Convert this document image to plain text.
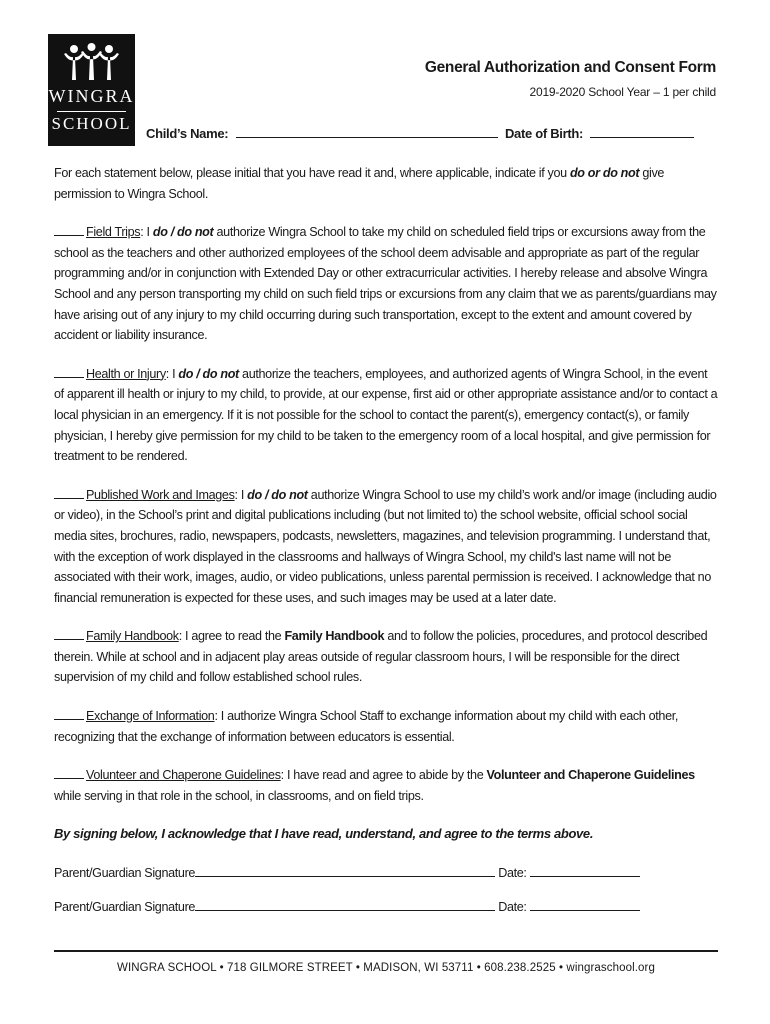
WINGRA
SCHOOL
General Authorization and Consent Form
2019-2020 School Year – 1 per child
Child’s Name:	Date of Birth:

For each statement below, please initial that you have read it and, where applicable, indicate if you do or do not give permission to Wingra School.

Field Trips: I do / do not authorize Wingra School to take my child on scheduled field trips or excursions away from the school as the teachers and other authorized employees of the school deem advisable and appropriate as part of the regular programming and/or in conjunction with Extended Day or other extracurricular activities. I hereby release and absolve Wingra School and any person transporting my child on such field trips or excursions from any claim that we as parents/guardians may have arising out of any injury to my child occurring during such transportation, except to the extent and amount covered by accident or liability insurance.

Health or Injury: I do / do not authorize the teachers, employees, and authorized agents of Wingra School, in the event of apparent ill health or injury to my child, to provide, at our expense, first aid or other appropriate assistance and/or to contact a local physician in an emergency. If it is not possible for the school to contact the parent(s), emergency contact(s), or family physician, I hereby give permission for my child to be taken to the emergency room of a local hospital, and give permission for treatment to be rendered.

Published Work and Images: I do / do not authorize Wingra School to use my child’s work and/or image (including audio or video), in the School’s print and digital publications including (but not limited to) the school website, official school social media sites, brochures, radio, newspapers, podcasts, newsletters, magazines, and television programming. I understand that, with the exception of work displayed in the classrooms and hallways of Wingra School, my child's last name will not be associated with their work, images, audio, or video publications, unless parental permission is received. I acknowledge that no financial remuneration is expected for these uses, and such images may be used at a later date.

Family Handbook: I agree to read the Family Handbook and to follow the policies, procedures, and protocol described therein. While at school and in adjacent play areas outside of regular classroom hours, I will be responsible for the direct supervision of my child and follow established school rules.

Exchange of Information: I authorize Wingra School Staff to exchange information about my child with each other, recognizing that the exchange of information between educators is essential.

Volunteer and Chaperone Guidelines: I have read and agree to abide by the Volunteer and Chaperone Guidelines while serving in that role in the school, in classrooms, and on field trips.

By signing below, I acknowledge that I have read, understand, and agree to the terms above.
Parent/Guardian Signature	Date:
Parent/Guardian Signature	Date:
WINGRA SCHOOL • 718 GILMORE STREET • MADISON, WI 53711 • 608.238.2525 • wingraschool.org
